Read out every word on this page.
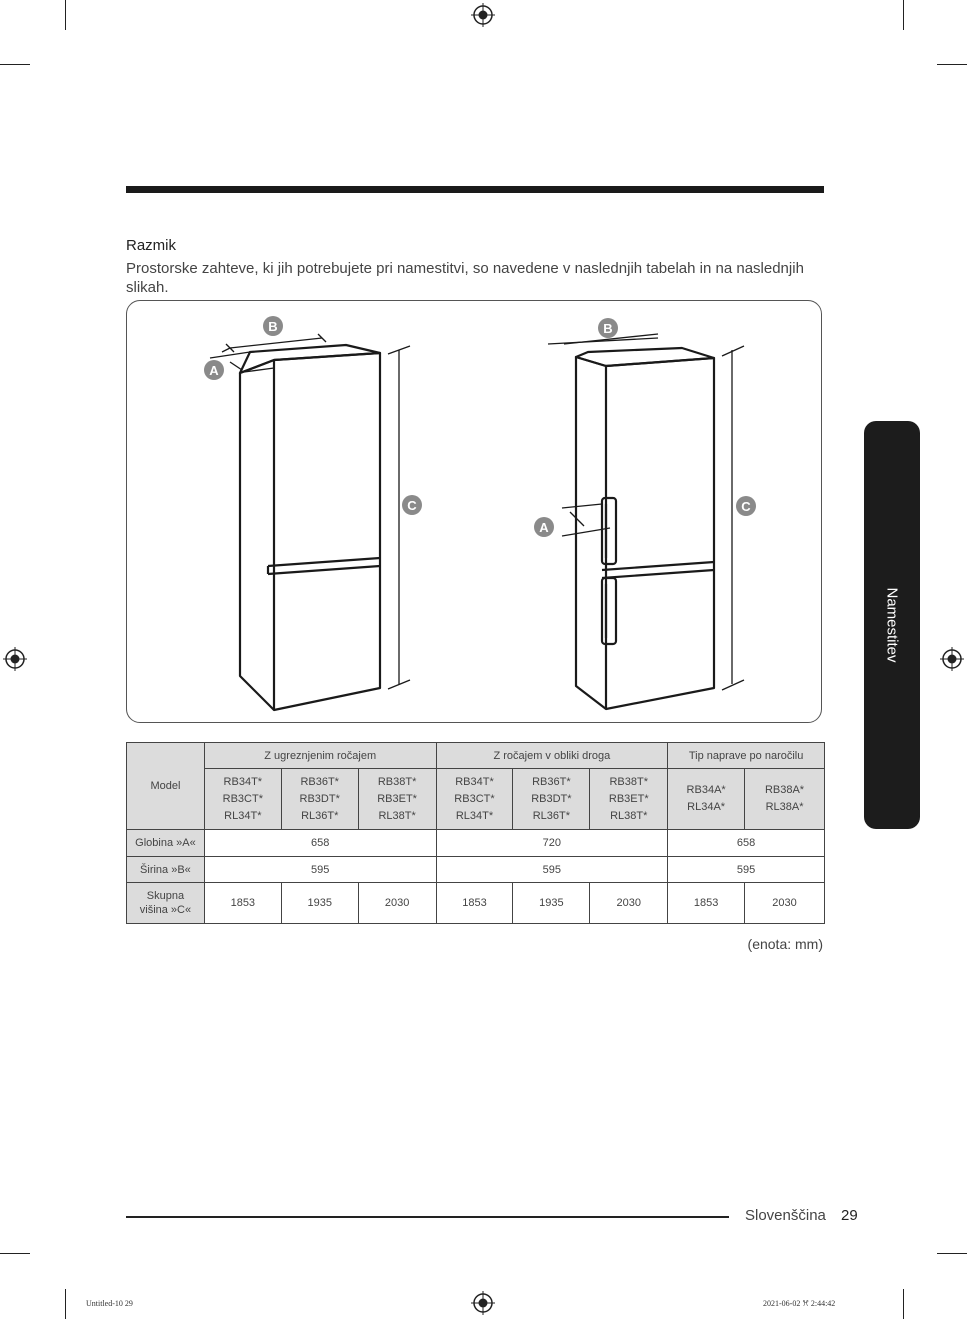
Razmik
Prostorske zahteve, ki jih potrebujete pri namestitvi, so navedene v naslednjih tabelah in na naslednjih slikah.
Namestitev
B
A
C
B
A
C
Model	Z ugreznjenim ročajem			Z ročajem v obliki droga			Tip naprave po naročilu	
	RB34T*
RB3CT*
RL34T*	RB36T*
RB3DT*
RL36T*	RB38T*
RB3ET*
RL38T*	RB34T*
RB3CT*
RL34T*	RB36T*
RB3DT*
RL36T*	RB38T*
RB3ET*
RL38T*	RB34A*
RL34A*	RB38A*
RL38A*
Globina »A«	658			720			658	
Širina »B«	595			595			595	
Skupna
višina »C«	1853	1935	2030	1853	1935	2030	1853	2030
(enota: mm)
Slovenščina 29
Untitled-10 29	2021-06-02 ꕮ 2:44:42
